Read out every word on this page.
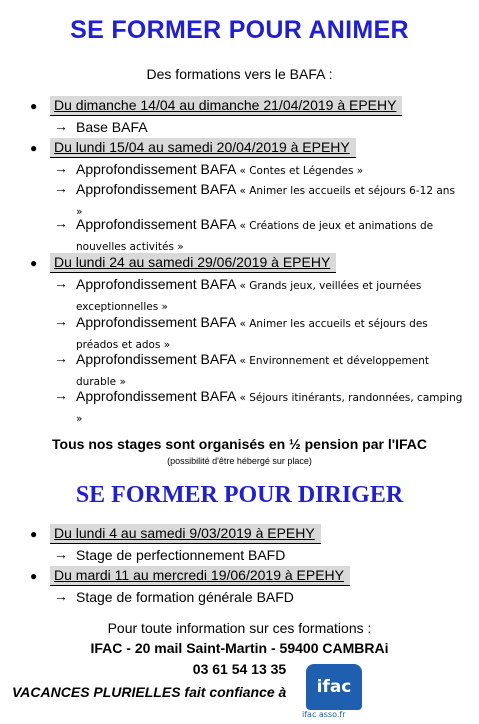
SE FORMER POUR ANIMER
Des formations vers le BAFA :
●	Du dimanche 14/04 au dimanche 21/04/2019 à EPEHY
→ Base BAFA
●	Du lundi 15/04 au samedi 20/04/2019 à EPEHY
→ Approfondissement BAFA « Contes et Légendes »
→ Approfondissement BAFA « Animer les accueils et séjours 6-12 ans »
→ Approfondissement BAFA « Créations de jeux et animations de nouvelles activités »
●	Du lundi 24 au samedi 29/06/2019 à EPEHY
→ Approfondissement BAFA « Grands jeux, veillées et journées exceptionnelles »
→ Approfondissement BAFA « Animer les accueils et séjours des préados et ados »
→ Approfondissement BAFA « Environnement et développement durable »
→ Approfondissement BAFA « Séjours itinérants, randonnées, camping »
Tous nos stages sont organisés en ½ pension par l'IFAC
(possibilité d'être hébergé sur place)
SE FORMER POUR DIRIGER
●	Du lundi 4 au samedi 9/03/2019 à EPEHY
→ Stage de perfectionnement BAFD
●	Du mardi 11 au mercredi 19/06/2019 à EPEHY
→ Stage de formation générale BAFD
Pour toute information sur ces formations :
IFAC - 20 mail Saint-Martin - 59400 CAMBRAi
03 61 54 13 35
VACANCES PLURIELLES fait confiance à	ifac
ifac asso.fr
